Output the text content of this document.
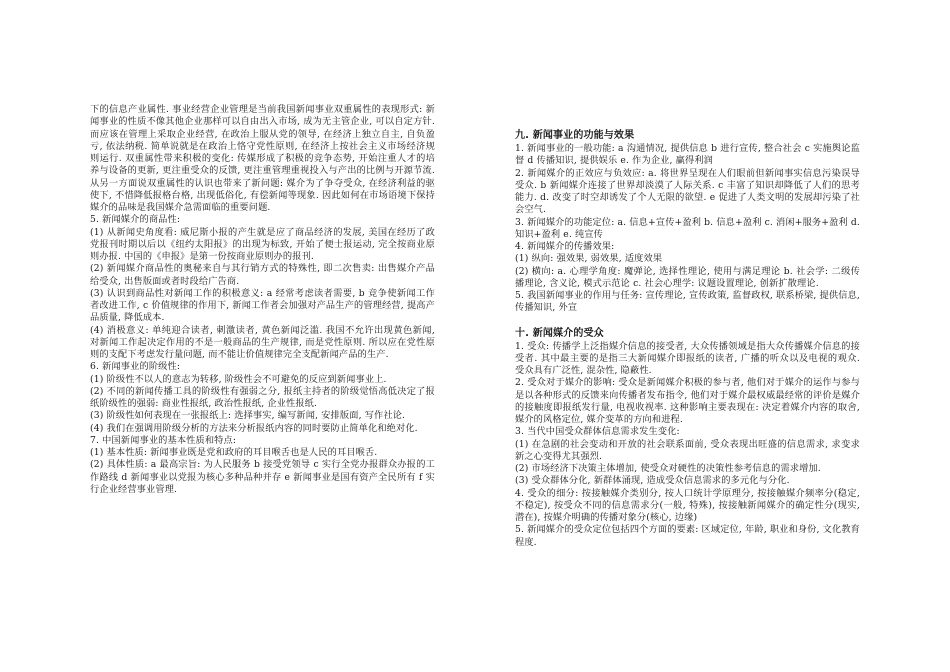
下的信息产业属性. 事业经营企业管理是当前我国新闻事业双重属性的表现形式: 新闻事业的性质不像其他企业那样可以自由出入市场, 成为无主管企业, 可以自定方针. 而应该在管理上采取企业经营, 在政治上服从党的领导, 在经济上独立自主, 自负盈亏, 依法纳税. 简单说就是在政治上恪守党性原则, 在经济上按社会主义市场经济规则运行. 双重属性带来积极的变化: 传媒形成了积极的竞争态势, 开始注重人才的培养与设备的更新, 更注重受众的反馈, 更注重管理重视投入与产出的比例与开源节流. 从另一方面说双重属性的认识也带来了新问题: 媒介为了争夺受众, 在经济利益的驱使下, 不惜降低报格台格, 出现低俗化, 有偿新闻等现象. 因此如何在市场语境下保持媒介的品味是我国媒介急需面临的重要问题.

5. 新闻媒介的商品性:

(1) 从新闻史角度看: 威尼斯小报的产生就是应了商品经济的发展, 美国在经历了政党报刊时期以后以《纽约太阳报》的出现为标致, 开始了便士报运动, 完全按商业原则办报. 中国的《申报》是第一份按商业原则办的报刊.

(2) 新闻媒介商品性的奥秘来自与其行销方式的特殊性, 即二次售卖: 出售媒介产品给受众, 出售版面或者时段给广告商.

(3) 认识到商品性对新闻工作的积极意义: a 经常考虑读者需要, b 竞争使新闻工作者改进工作, c 价值规律的作用下, 新闻工作者会加强对产品生产的管理经营, 提高产品质量, 降低成本.

(4) 消极意义: 单纯迎合读者, 刺激读者, 黄色新闻泛滥. 我国不允许出现黄色新闻, 对新闻工作起决定作用的不是一般商品的生产规律, 而是党性原则. 所以应在党性原则的支配下考虑发行量问题, 而不能让价值规律完全支配新闻产品的生产.

6. 新闻事业的阶级性:

(1) 阶级性不以人的意志为转移, 阶级性会不可避免的反应到新闻事业上.

(2) 不同的新闻传播工具的阶级性有强弱之分, 报纸主持者的阶级觉悟高低决定了报纸阶级性的强弱: 商业性报纸, 政治性报纸, 企业性报纸.

(3) 阶级性如何表现在一张报纸上: 选择事实, 编写新闻, 安排版面, 写作社论.

(4) 我们在强调用阶级分析的方法来分析报纸内容的同时要防止简单化和绝对化.

7. 中国新闻事业的基本性质和特点:

(1) 基本性质: 新闻事业既是党和政府的耳目喉舌也是人民的耳目喉舌.

(2) 具体性质: a 最高宗旨: 为人民服务 b 接受党领导 c 实行全党办报群众办报的工作路线 d 新闻事业以党报为核心多种品种并存 e 新闻事业是国有资产全民所有 f 实行企业经营事业管理.

九. 新闻事业的功能与效果

1. 新闻事业的一般功能: a 沟通情况, 提供信息 b 进行宣传, 整合社会 c 实施舆论监督 d 传播知识, 提供娱乐 e. 作为企业, 赢得利润

2. 新闻媒介的正效应与负效应: a. 将世界呈现在人们眼前但新闻事实信息污染误导受众. b 新闻媒介连接了世界却淡漠了人际关系. c 丰富了知识却降低了人们的思考能力. d. 改变了时空却诱发了个人无限的欲望. e 促进了人类文明的发展却污染了社会空气.

3. 新闻媒介的功能定位: a. 信息+宣传+盈利 b. 信息+盈利 c. 消闲+服务+盈利 d. 知识+盈利 e. 纯宣传

4. 新闻媒介的传播效果:

(1) 纵向: 强效果, 弱效果, 适度效果

(2) 横向: a. 心理学角度: 魔弹论, 选择性理论, 使用与满足理论 b. 社会学: 二级传播理论, 含义论, 模式示范论 c. 社会心理学: 议题设置理论, 创新扩散理论.

5. 我国新闻事业的作用与任务: 宣传理论, 宣传政策, 监督政权, 联系桥梁, 提供信息, 传播知识, 外宣

十. 新闻媒介的受众

1. 受众: 传播学上泛指媒介信息的接受者, 大众传播领域是指大众传播媒介信息的接受者. 其中最主要的是指三大新闻媒介即报纸的读者, 广播的听众以及电视的观众. 受众具有广泛性, 混杂性, 隐蔽性.

2. 受众对于媒介的影响: 受众是新闻媒介积极的参与者, 他们对于媒介的运作与参与是以各种形式的反馈来向传播者发布指令, 他们对于媒介最权威最经常的评价是媒介的接触度即报纸发行量, 电视收视率. 这种影响主要表现在: 决定着媒介内容的取舍, 媒介的风格定位, 媒介变革的方向和进程.

3. 当代中国受众群体信息需求发生变化:

(1) 在急剧的社会变动和开放的社会联系面前, 受众表现出旺盛的信息需求, 求变求新之心变得尤其强烈.

(2) 市场经济下决策主体增加, 使受众对硬性的决策性参考信息的需求增加.

(3) 受众群体分化, 新群体涌现, 造成受众信息需求的多元化与分化.

4. 受众的细分: 按接触媒介类别分, 按人口统计学原理分, 按接触媒介频率分(稳定, 不稳定), 按受众不同的信息需求分(一般, 特殊), 按接触新闻媒介的确定性分(现实, 潜在), 按媒介明确的传播对象分(核心, 边缘)

5. 新闻媒介的受众定位包括四个方面的要素: 区域定位, 年龄, 职业和身份, 文化教育程度.
